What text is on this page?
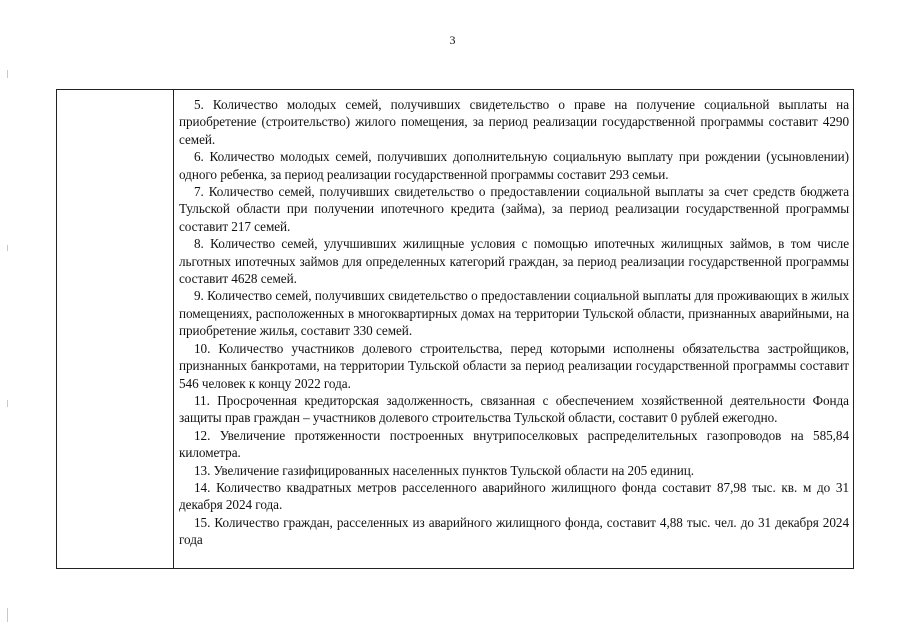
3

5. Количество молодых семей, получивших свидетельство о праве на получение социальной выплаты на приобретение (строительство) жилого помещения, за период реализации государственной программы составит 4290 семей.

6. Количество молодых семей, получивших дополнительную социальную выплату при рождении (усыновлении) одного ребенка, за период реализации государственной программы составит 293 семьи.

7. Количество семей, получивших свидетельство о предоставлении социальной выплаты за счет средств бюджета Тульской области при получении ипотечного кредита (займа), за период реализации государственной программы составит 217 семей.

8. Количество семей, улучшивших жилищные условия с помощью ипотечных жилищных займов, в том числе льготных ипотечных займов для определенных категорий граждан, за период реализации государственной программы составит 4628 семей.

9. Количество семей, получивших свидетельство о предоставлении социальной выплаты для проживающих в жилых помещениях, расположенных в многоквартирных домах на территории Тульской области, признанных аварийными, на приобретение жилья, составит 330 семей.

10. Количество участников долевого строительства, перед которыми исполнены обязательства застройщиков, признанных банкротами, на территории Тульской области за период реализации государственной программы составит 546 человек к концу 2022 года.

11. Просроченная кредиторская задолженность, связанная с обеспечением хозяйственной деятельности Фонда защиты прав граждан – участников долевого строительства Тульской области, составит 0 рублей ежегодно.

12. Увеличение протяженности построенных внутрипоселковых распределительных газопроводов на 585,84 километра.

13. Увеличение газифицированных населенных пунктов Тульской области на 205 единиц.

14. Количество квадратных метров расселенного аварийного жилищного фонда составит 87,98 тыс. кв. м до 31 декабря 2024 года.

15. Количество граждан, расселенных из аварийного жилищного фонда, составит 4,88 тыс. чел. до 31 декабря 2024 года
